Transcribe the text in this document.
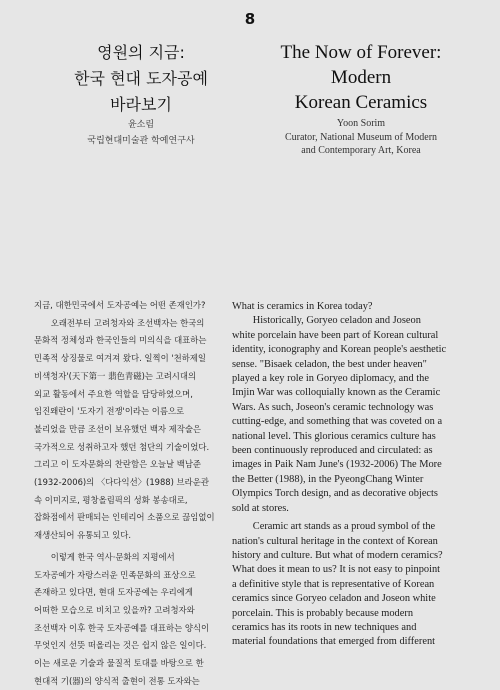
8
영원의 지금:
한국 현대 도자공예
바라보기
The Now of Forever:
Modern
Korean Ceramics
윤소림
국립현대미술관 학예연구사
Yoon Sorim
Curator, National Museum of Modern
and Contemporary Art, Korea
지금, 대한민국에서 도자공예는 어떤 존재인가?
　　오래전부터 고려청자와 조선백자는 한국의
문화적 정체성과 한국인들의 미의식을 대표하는
민족적 상징물로 여겨져 왔다. 일찍이 '천하제일
비색청자'(天下第一 翡色青磁)는 고려시대의
외교 활동에서 주요한 역할을 담당하였으며,
임진왜란이 '도자기 전쟁'이라는 이름으로
불리었을 만큼 조선이 보유했던 백자 제작술은
국가적으로 성취하고자 했던 첨단의 기술이었다.
그리고 이 도자문화의 찬란함은 오늘날 백남준
(1932-2006)의 〈다다익선〉(1988) 브라운관
속 이미지로, 평창올림픽의 성화 봉송대로,
잡화점에서 판매되는 인테리어 소품으로 끊임없이
재생산되어 유통되고 있다.
　　이렇게 한국 역사·문화의 지평에서
도자공예가 자랑스러운 민족문화의 표상으로
존재하고 있다면, 현대 도자공예는 우리에게
어떠한 모습으로 비치고 있을까? 고려청자와
조선백자 이후 한국 도자공예를 대표하는 양식이
무엇인지 선뜻 떠올리는 것은 쉽지 않은 일이다.
이는 새로운 기술과 물질적 토대를 바탕으로 한
현대적 기(器)의 양식적 출현이 전통 도자와는
What is ceramics in Korea today?
　　Historically, Goryeo celadon and Joseon
white porcelain have been part of Korean cultural
identity, iconography and Korean people's aesthetic
sense. "Bisaek celadon, the best under heaven"
played a key role in Goryeo diplomacy, and the
Imjin War was colloquially known as the Ceramic
Wars. As such, Joseon's ceramic technology was
cutting-edge, and something that was coveted on a
national level. This glorious ceramics culture has
been continuously reproduced and circulated: as
images in Paik Nam June's (1932-2006) The More
the Better (1988), in the PyeongChang Winter
Olympics Torch design, and as decorative objects
sold at stores.
　　Ceramic art stands as a proud symbol of the
nation's cultural heritage in the context of Korean
history and culture. But what of modern ceramics?
What does it mean to us? It is not easy to pinpoint
a definitive style that is representative of Korean
ceramics since Goryeo celadon and Joseon white
porcelain. This is probably because modern
ceramics has its roots in new techniques and
material foundations that emerged from different
